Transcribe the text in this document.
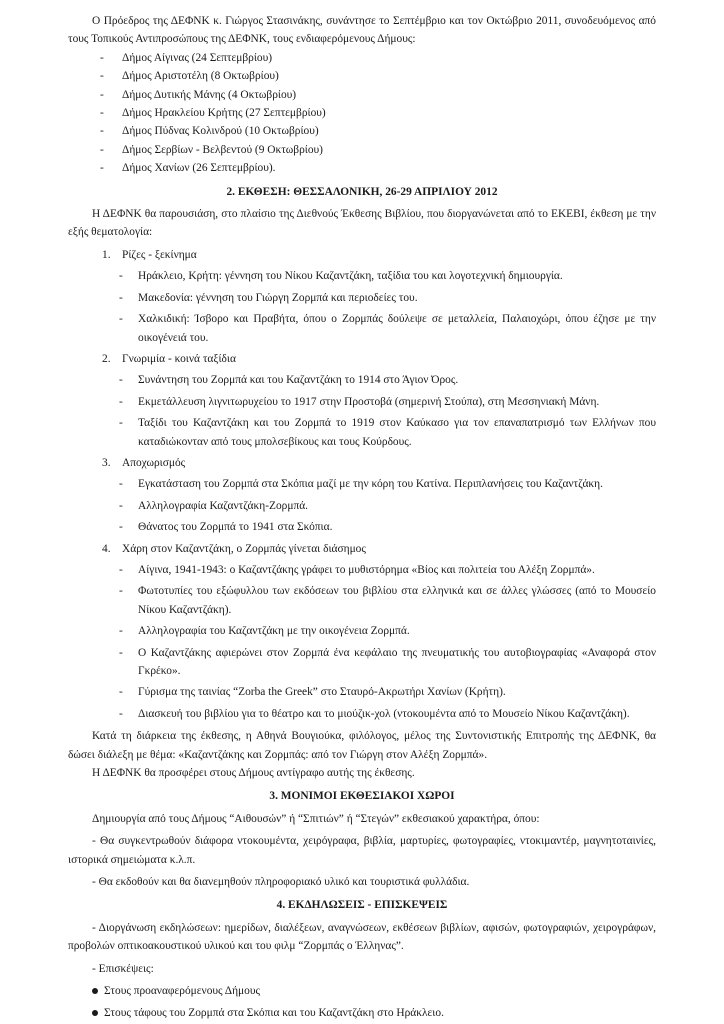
Ο Πρόεδρος της ΔΕΦΝΚ κ. Γιώργος Στασινάκης, συνάντησε το Σεπτέμβριο και τον Οκτώβριο 2011, συνοδευόμενος από τους Τοπικούς Αντιπροσώπους της ΔΕΦΝΚ, τους ενδιαφερόμενους Δήμους:

- Δήμος Αίγινας (24 Σεπτεμβρίου)
- Δήμος Αριστοτέλη (8 Οκτωβρίου)
- Δήμος Δυτικής Μάνης (4 Οκτωβρίου)
- Δήμος Ηρακλείου Κρήτης (27 Σεπτεμβρίου)
- Δήμος Πύδνας Κολινδρού (10 Οκτωβρίου)
- Δήμος Σερβίων - Βελβεντού (9 Οκτωβρίου)
- Δήμος Χανίων (26 Σεπτεμβρίου).
2. ΕΚΘΕΣΗ: ΘΕΣΣΑΛΟΝΙΚΗ, 26-29 ΑΠΡΙΛΙΟΥ 2012

Η ΔΕΦΝΚ θα παρουσιάση, στο πλαίσιο της Διεθνούς Έκθεσης Βιβλίου, που διοργανώνεται από το ΕΚΕΒΙ, έκθεση με την εξής θεματολογία:

1. Ρίζες - ξεκίνημα
- Ηράκλειο, Κρήτη: γέννηση του Νίκου Καζαντζάκη, ταξίδια του και λογοτεχνική δημιουργία.
- Μακεδονία: γέννηση του Γιώργη Ζορμπά και περιοδείες του.
- Χαλκιδική: Ίσβορο και Πραβήτα, όπου ο Ζορμπάς δούλεψε σε μεταλλεία, Παλαιοχώρι, όπου έζησε με την οικογένειά του.
2. Γνωριμία - κοινά ταξίδια
- Συνάντηση του Ζορμπά και του Καζαντζάκη το 1914 στο Άγιον Όρος.
- Εκμετάλλευση λιγνιτωρυχείου το 1917 στην Προστοβά (σημερινή Στούπα), στη Μεσσηνιακή Μάνη.
- Ταξίδι του Καζαντζάκη και του Ζορμπά το 1919 στον Καύκασο για τον επαναπατρισμό των Ελλήνων που καταδιώκονταν από τους μπολσεβίκους και τους Κούρδους.
3. Αποχωρισμός
- Εγκατάσταση του Ζορμπά στα Σκόπια μαζί με την κόρη του Κατίνα. Περιπλανήσεις του Καζαντζάκη.
- Αλληλογραφία Καζαντζάκη-Ζορμπά.
- Θάνατος του Ζορμπά το 1941 στα Σκόπια.
4. Χάρη στον Καζαντζάκη, ο Ζορμπάς γίνεται διάσημος
- Αίγινα, 1941-1943: ο Καζαντζάκης γράφει το μυθιστόρημα «Βίος και πολιτεία του Αλέξη Ζορμπά».
- Φωτοτυπίες του εξώφυλλου των εκδόσεων του βιβλίου στα ελληνικά και σε άλλες γλώσσες (από το Μουσείο Νίκου Καζαντζάκη).
- Αλληλογραφία του Καζαντζάκη με την οικογένεια Ζορμπά.
- Ο Καζαντζάκης αφιερώνει στον Ζορμπά ένα κεφάλαιο της πνευματικής του αυτοβιογραφίας «Αναφορά στον Γκρέκο».
- Γύρισμα της ταινίας “Zorba the Greek” στο Σταυρό-Ακρωτήρι Χανίων (Κρήτη).
- Διασκευή του βιβλίου για το θέατρο και το μιούζικ-χολ (ντοκουμέντα από το Μουσείο Νίκου Καζαντζάκη).

Κατά τη διάρκεια της έκθεσης, η Αθηνά Βουγιούκα, φιλόλογος, μέλος της Συντονιστικής Επιτροπής της ΔΕΦΝΚ, θα δώσει διάλεξη με θέμα: «Καζαντζάκης και Ζορμπάς: από τον Γιώργη στον Αλέξη Ζορμπά».

Η ΔΕΦΝΚ θα προσφέρει στους Δήμους αντίγραφο αυτής της έκθεσης.

3. ΜΟΝΙΜΟΙ ΕΚΘΕΣΙΑΚΟΙ ΧΩΡΟΙ

Δημιουργία από τους Δήμους “Αιθουσών” ή “Σπιτιών” ή “Στεγών” εκθεσιακού χαρακτήρα, όπου:

- Θα συγκεντρωθούν διάφορα ντοκουμέντα, χειρόγραφα, βιβλία, μαρτυρίες, φωτογραφίες, ντοκιμαντέρ, μαγνητοταινίες, ιστορικά σημειώματα κ.λ.π.

- Θα εκδοθούν και θα διανεμηθούν πληροφοριακό υλικό και τουριστικά φυλλάδια.

4. ΕΚΔΗΛΩΣΕΙΣ - ΕΠΙΣΚΕΨΕΙΣ

- Διοργάνωση εκδηλώσεων: ημερίδων, διαλέξεων, αναγνώσεων, εκθέσεων βιβλίων, αφισών, φωτογραφιών, χειρογράφων, προβολών οπτικοακουστικού υλικού και του φιλμ “Ζορμπάς ο Έλληνας”.

- Επισκέψεις:

Στους προαναφερόμενους Δήμους
Στους τάφους του Ζορμπά στα Σκόπια και του Καζαντζάκη στο Ηράκλειο.
